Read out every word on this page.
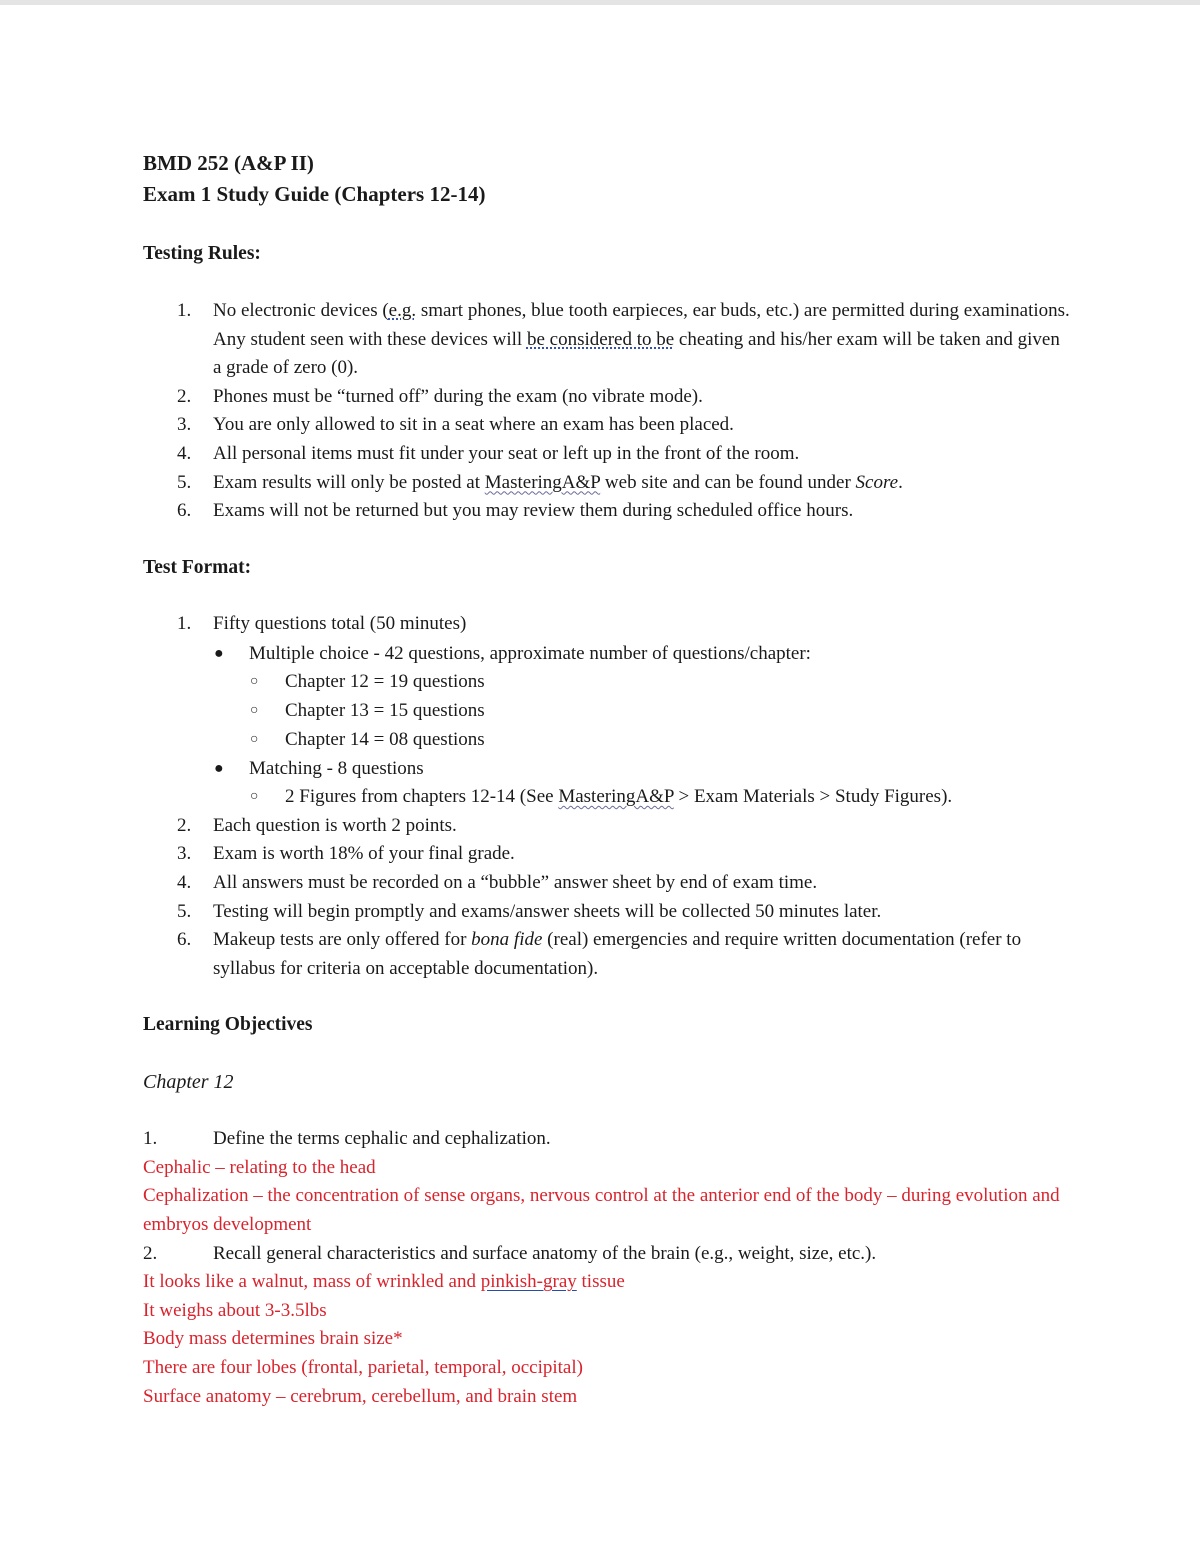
BMD 252 (A&P II)
Exam 1 Study Guide (Chapters 12-14)
Testing Rules:
1.	No electronic devices (e.g. smart phones, blue tooth earpieces, ear buds, etc.) are permitted during examinations. Any student seen with these devices will be considered to be cheating and his/her exam will be taken and given a grade of zero (0).
2.	Phones must be “turned off” during the exam (no vibrate mode).
3.	You are only allowed to sit in a seat where an exam has been placed.
4.	All personal items must fit under your seat or left up in the front of the room.
5.	Exam results will only be posted at MasteringA&P web site and can be found under Score.
6.	Exams will not be returned but you may review them during scheduled office hours.
Test Format:
1.	Fifty questions total (50 minutes)
● Multiple choice - 42 questions, approximate number of questions/chapter:
○ Chapter 12 = 19 questions
○ Chapter 13 = 15 questions
○ Chapter 14 = 08 questions
● Matching - 8 questions
○ 2 Figures from chapters 12-14 (See MasteringA&P > Exam Materials > Study Figures).
2.	Each question is worth 2 points.
3.	Exam is worth 18% of your final grade.
4.	All answers must be recorded on a “bubble” answer sheet by end of exam time.
5.	Testing will begin promptly and exams/answer sheets will be collected 50 minutes later.
6.	Makeup tests are only offered for bona fide (real) emergencies and require written documentation (refer to syllabus for criteria on acceptable documentation).
Learning Objectives
Chapter 12
1.	Define the terms cephalic and cephalization.
Cephalic – relating to the head
Cephalization – the concentration of sense organs, nervous control at the anterior end of the body – during evolution and embryos development
2.	Recall general characteristics and surface anatomy of the brain (e.g., weight, size, etc.).
It looks like a walnut, mass of wrinkled and pinkish-gray tissue
It weighs about 3-3.5lbs
Body mass determines brain size*
There are four lobes (frontal, parietal, temporal, occipital)
Surface anatomy – cerebrum, cerebellum, and brain stem
